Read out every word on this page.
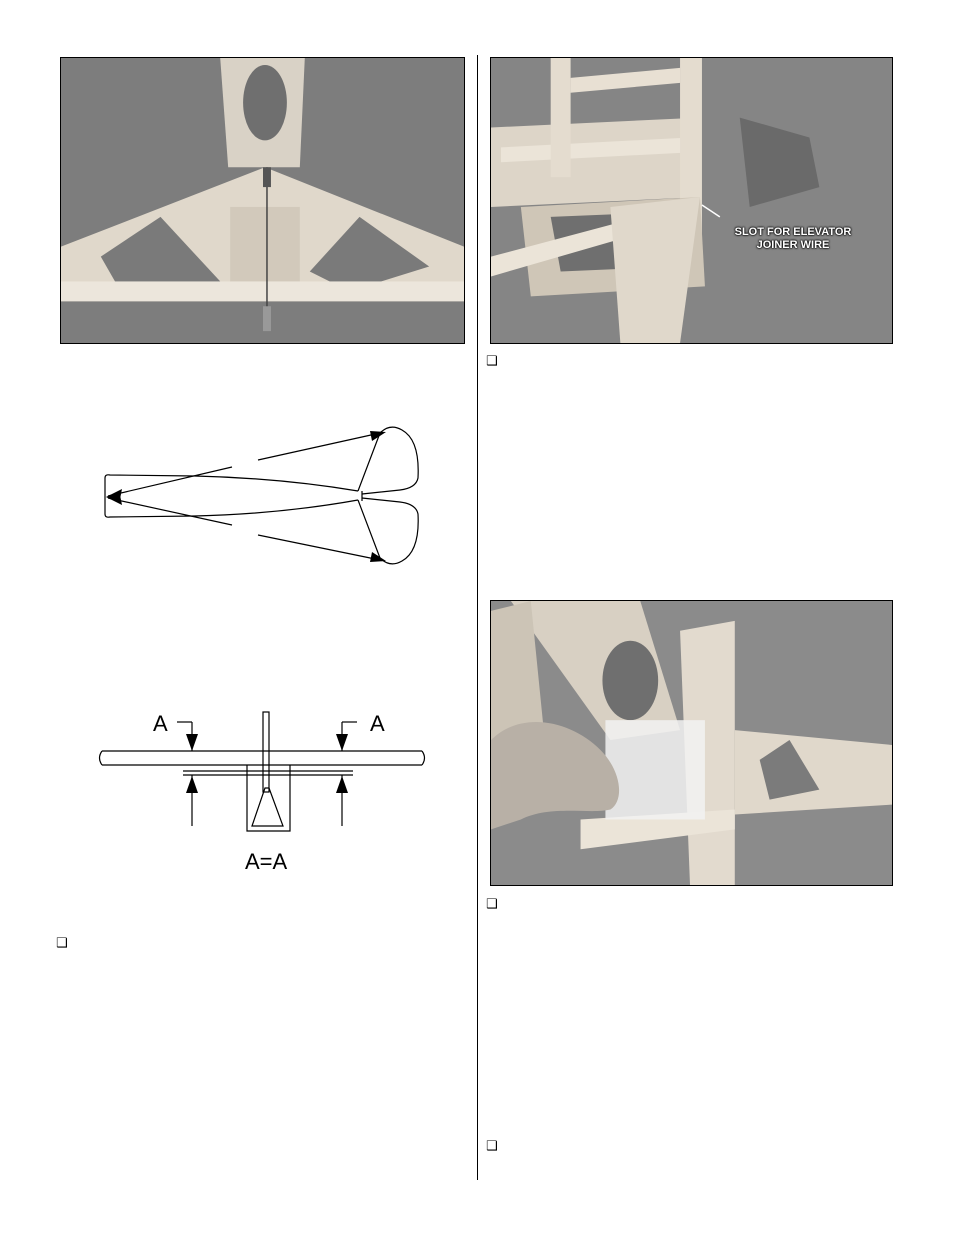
SLOT FOR ELEVATOR
JOINER WIRE
❑
❑
❑
❑
A	A
A=A
